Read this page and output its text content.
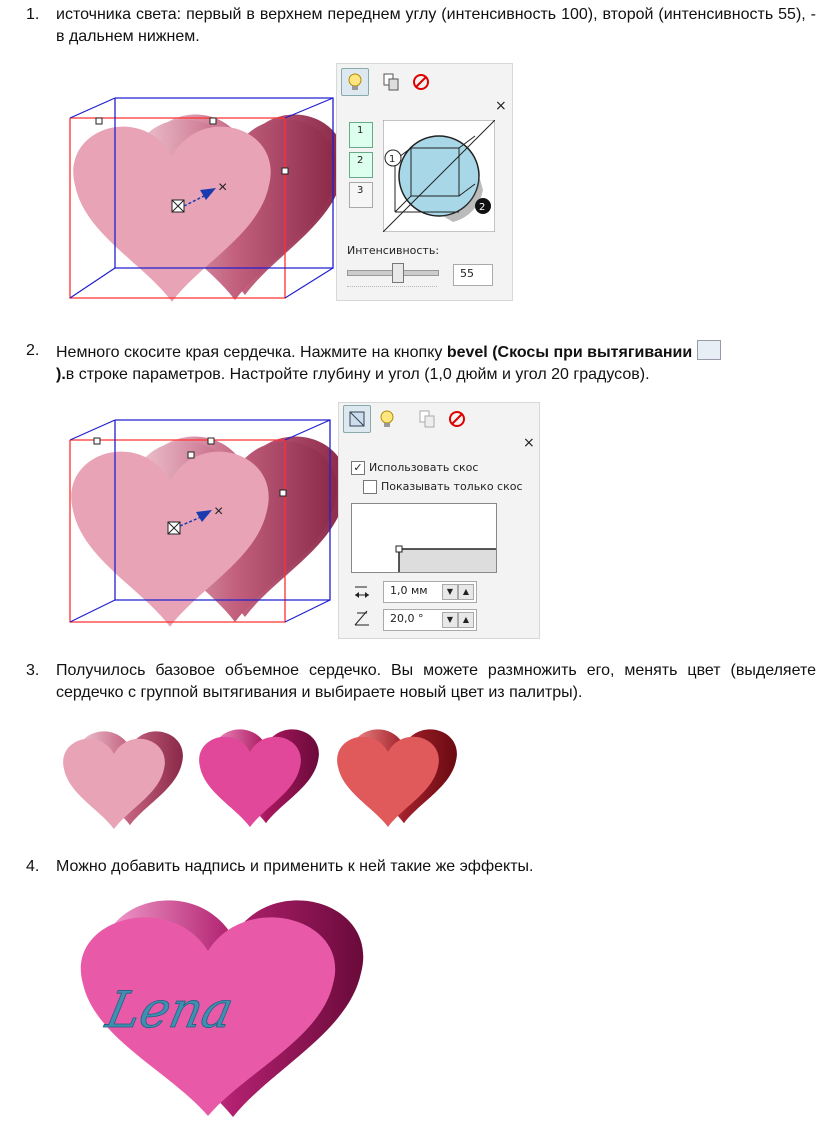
1.	источника света: первый в верхнем переднем углу (интенсивность 100), второй (интенсивность 55), - в дальнем нижнем.
×
×
1
2
3
1
2
Интенсивность:
55
2.	Немного скосите края сердечка. Нажмите на кнопку bevel (Скосы при вытягивании
).в строке параметров. Настройте глубину и угол (1,0 дюйм и угол 20 градусов).
×
×
✓ Использовать скос
Показывать только скос
1,0 мм	▼	▲
20,0 °	▼	▲
3.	Получилось базовое объемное сердечко. Вы можете размножить его, менять цвет (выделяете сердечко с группой вытягивания и выбираете новый цвет из палитры).
4.	Можно добавить надпись и применить к ней такие же эффекты.
Lena
